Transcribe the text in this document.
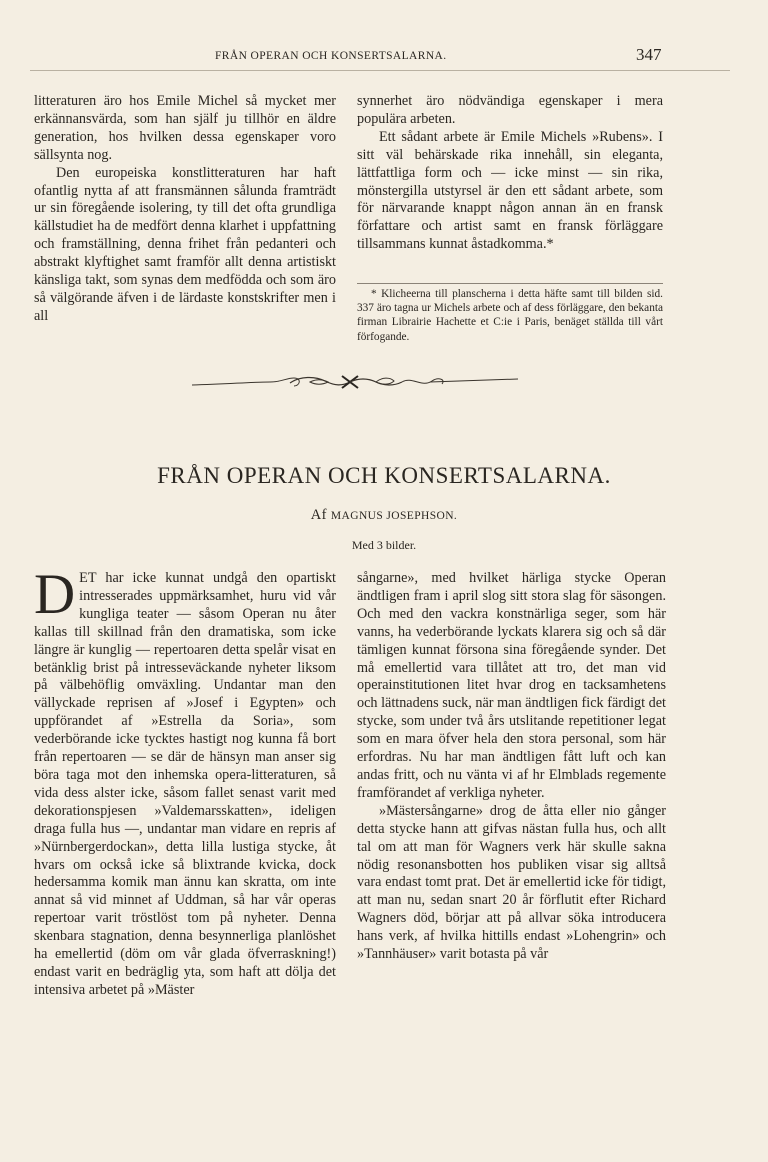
FRÅN OPERAN OCH KONSERTSALARNA.	347

litteraturen äro hos Emile Michel så mycket mer erkännansvärda, som han själf ju tillhör en äldre generation, hos hvilken dessa egenskaper voro sällsynta nog.

Den europeiska konstlitteraturen har haft ofantlig nytta af att fransmännen sålunda framträdt ur sin föregående isolering, ty till det ofta grundliga källstudiet ha de medfört denna klarhet i uppfattning och framställning, denna frihet från pedanteri och abstrakt klyftighet samt framför allt denna artistiskt känsliga takt, som synas dem medfödda och som äro så välgörande äfven i de lärdaste konstskrifter men i all

synnerhet äro nödvändiga egenskaper i mera populära arbeten.

Ett sådant arbete är Emile Michels »Rubens». I sitt väl behärskade rika innehåll, sin eleganta, lättfattliga form och — icke minst — sin rika, mönstergilla utstyrsel är den ett sådant arbete, som för närvarande knappt någon annan än en fransk författare och artist samt en fransk förläggare tillsammans kunnat åstadkomma.*

* Klicheerna till planscherna i detta häfte samt till bilden sid. 337 äro tagna ur Michels arbete och af dess förläggare, den bekanta firman Librairie Hachette et C:ie i Paris, benäget ställda till vårt förfogande.

FRÅN OPERAN OCH KONSERTSALARNA.
Af MAGNUS JOSEPHSON.
Med 3 bilder.

DET har icke kunnat undgå den opartiskt intresserades uppmärksamhet, huru vid vår kungliga teater — såsom Operan nu åter kallas till skillnad från den dramatiska, som icke längre är kunglig — repertoaren detta spelår visat en betänklig brist på intresseväckande nyheter liksom på välbehöflig omväxling. Undantar man den vällyckade reprisen af »Josef i Egypten» och uppförandet af »Estrella da Soria», som vederbörande icke tycktes hastigt nog kunna få bort från repertoaren — se där de hänsyn man anser sig böra taga mot den inhemska opera-litteraturen, så vida dess alster icke, såsom fallet senast varit med dekorationspjesen »Valdemarsskatten», ideligen draga fulla hus —, undantar man vidare en repris af »Nürnbergerdockan», detta lilla lustiga stycke, åt hvars om också icke så blixtrande kvicka, dock hedersamma komik man ännu kan skratta, om inte annat så vid minnet af Uddman, så har vår operas repertoar varit tröstlöst tom på nyheter. Denna skenbara stagnation, denna besynnerliga planlöshet ha emellertid (döm om vår glada öfverraskning!) endast varit en bedräglig yta, som haft att dölja det intensiva arbetet på »Mäster

sångarne», med hvilket härliga stycke Operan ändtligen fram i april slog sitt stora slag för säsongen. Och med den vackra konstnärliga seger, som här vanns, ha vederbörande lyckats klarera sig och så där tämligen kunnat försona sina föregående synder. Det må emellertid vara tillåtet att tro, det man vid operainstitutionen litet hvar drog en tacksamhetens och lättnadens suck, när man ändtligen fick färdigt det stycke, som under två års utslitande repetitioner legat som en mara öfver hela den stora personal, som här erfordras. Nu har man ändtligen fått luft och kan andas fritt, och nu vänta vi af hr Elmblads regemente framförandet af verkliga nyheter.

»Mästersångarne» drog de åtta eller nio gånger detta stycke hann att gifvas nästan fulla hus, och allt tal om att man för Wagners verk här skulle sakna nödig resonansbotten hos publiken visar sig alltså vara endast tomt prat. Det är emellertid icke för tidigt, att man nu, sedan snart 20 år förflutit efter Richard Wagners död, börjar att på allvar söka introducera hans verk, af hvilka hittills endast »Lohengrin» och »Tannhäuser» varit botasta på vår
